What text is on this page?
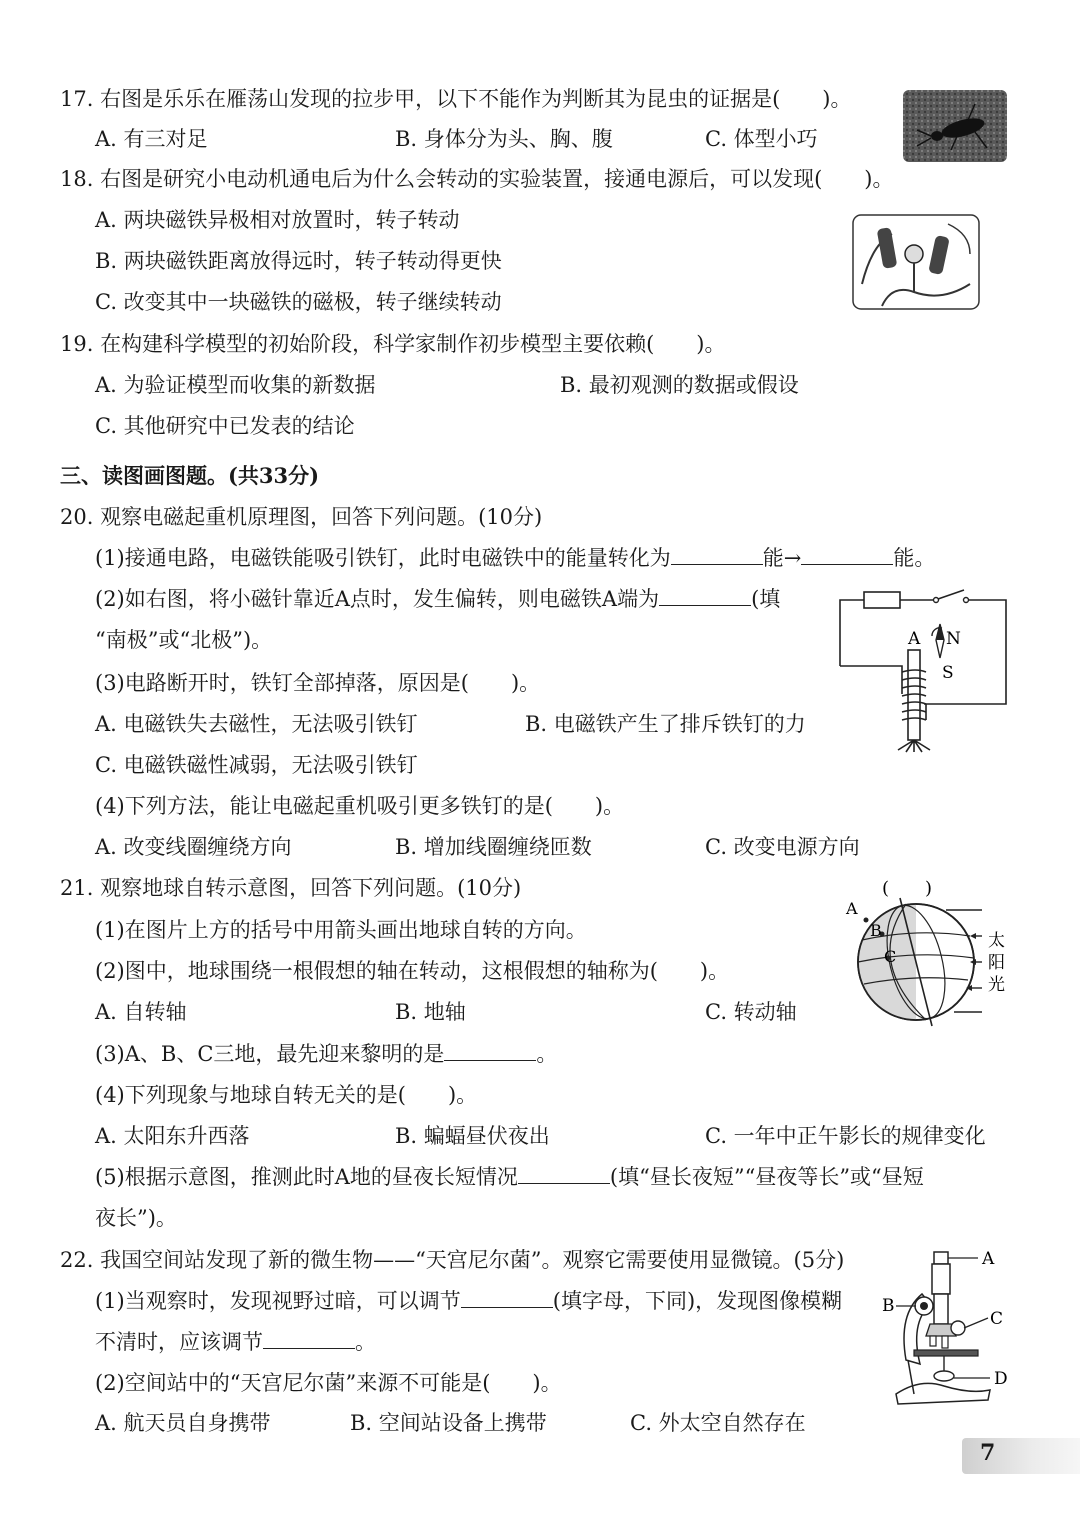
17. 右图是乐乐在雁荡山发现的拉步甲，以下不能作为判断其为昆虫的证据是(　　)。
A. 有三对足	B. 身体分为头、胸、腹	C. 体型小巧
18. 右图是研究小电动机通电后为什么会转动的实验装置，接通电源后，可以发现(　　)。
A. 两块磁铁异极相对放置时，转子转动
B. 两块磁铁距离放得远时，转子转动得更快
C. 改变其中一块磁铁的磁极，转子继续转动
19. 在构建科学模型的初始阶段，科学家制作初步模型主要依赖(　　)。
A. 为验证模型而收集的新数据	B. 最初观测的数据或假设
C. 其他研究中已发表的结论
三、读图画图题。(共33分)
20. 观察电磁起重机原理图，回答下列问题。(10分)
(1)接通电路，电磁铁能吸引铁钉，此时电磁铁中的能量转化为	能→	能。
(2)如右图，将小磁针靠近A点时，发生偏转，则电磁铁A端为	(填
“南极”或“北极”)。
(3)电路断开时，铁钉全部掉落，原因是(　　)。
A. 电磁铁失去磁性，无法吸引铁钉	B. 电磁铁产生了排斥铁钉的力
C. 电磁铁磁性减弱，无法吸引铁钉
(4)下列方法，能让电磁起重机吸引更多铁钉的是(　　)。
A. 改变线圈缠绕方向	B. 增加线圈缠绕匝数	C. 改变电源方向
A N
S
21. 观察地球自转示意图，回答下列问题。(10分)
(1)在图片上方的括号中用箭头画出地球自转的方向。
(2)图中，地球围绕一根假想的轴在转动，这根假想的轴称为(　　)。
A. 自转轴	B. 地轴	C. 转动轴
(3)A、B、C三地，最先迎来黎明的是	。
(4)下列现象与地球自转无关的是(　　)。
A. 太阳东升西落	B. 蝙蝠昼伏夜出	C. 一年中正午影长的规律变化
(5)根据示意图，推测此时A地的昼夜长短情况	(填“昼长夜短”“昼夜等长”或“昼短
夜长”)。
(　　)
A
B
C
太
阳
光
22. 我国空间站发现了新的微生物——“天宫尼尔菌”。观察它需要使用显微镜。(5分)
(1)当观察时，发现视野过暗，可以调节	(填字母，下同)，发现图像模糊
不清时，应该调节	。
(2)空间站中的“天宫尼尔菌”来源不可能是(　　)。
A. 航天员自身携带	B. 空间站设备上携带	C. 外太空自然存在
A
B
C
D
7
